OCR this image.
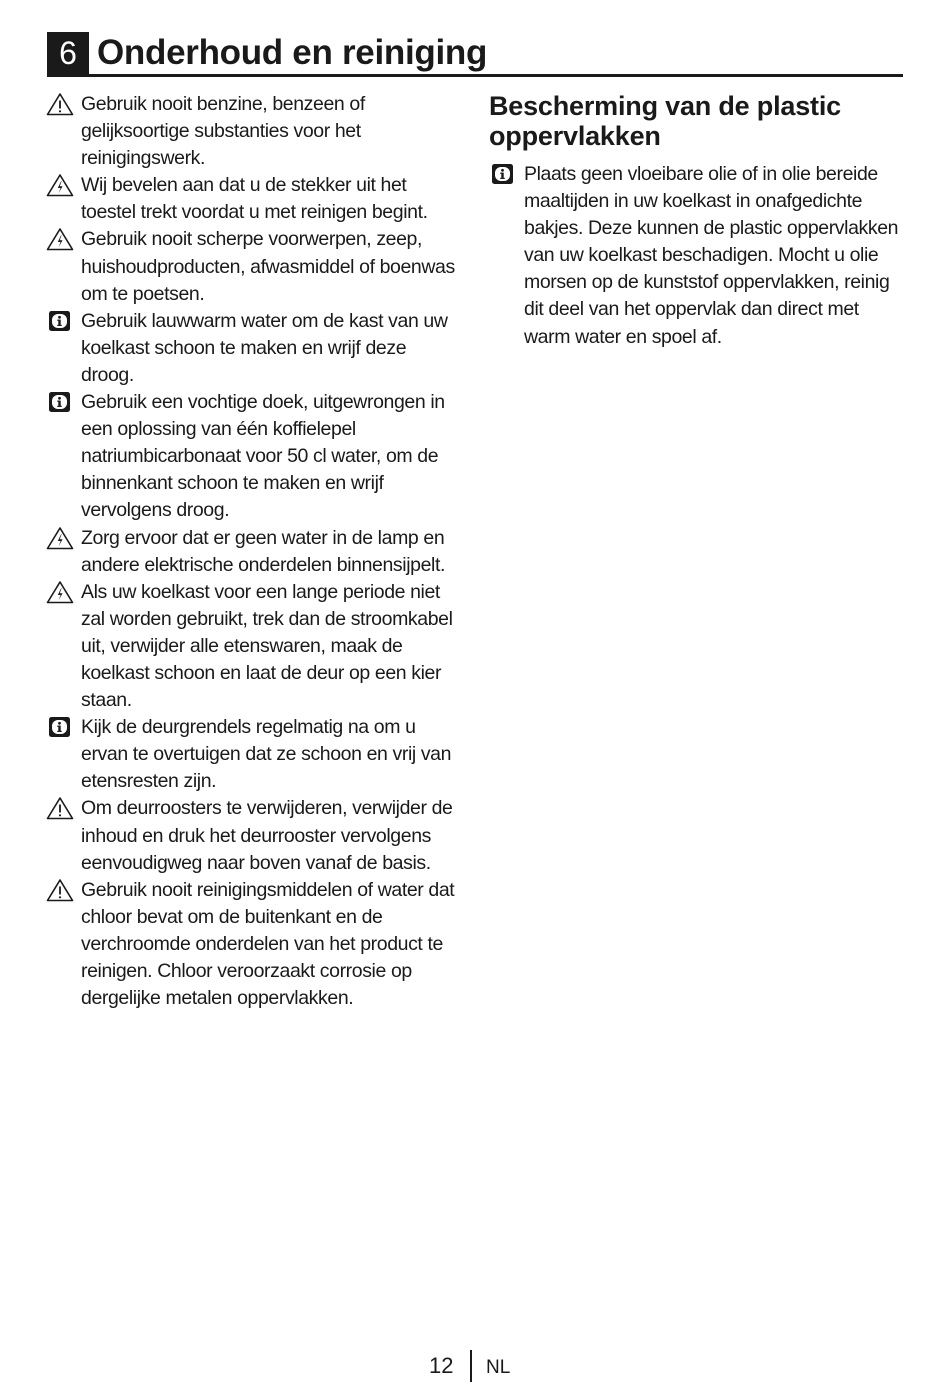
6 Onderhoud en reiniging
Gebruik nooit benzine, benzeen of gelijksoortige substanties voor het reinigingswerk.
Wij bevelen aan dat u de stekker uit het toestel trekt voordat u met reinigen begint.
Gebruik nooit scherpe voorwerpen, zeep, huishoudproducten, afwasmiddel of boenwas om te poetsen.
Gebruik lauwwarm water om de kast van uw koelkast schoon te maken en wrijf deze droog.
Gebruik een vochtige doek, uitgewrongen in een oplossing van één koffielepel natriumbicarbonaat voor 50 cl water, om de binnenkant schoon te maken en wrijf vervolgens droog.
Zorg ervoor dat er geen water in de lamp en andere elektrische onderdelen binnensijpelt.
Als uw koelkast voor een lange periode niet zal worden gebruikt, trek dan de stroomkabel uit, verwijder alle etenswaren, maak de koelkast schoon en laat de deur op een kier staan.
Kijk de deurgrendels regelmatig na om u ervan te overtuigen dat ze schoon en vrij van etensresten zijn.
Om deurroosters te verwijderen, verwijder de inhoud en druk het deurrooster vervolgens eenvoudigweg naar boven vanaf de basis.
Gebruik nooit reinigingsmiddelen of water dat chloor bevat om de buitenkant en de verchroomde onderdelen van het product te reinigen. Chloor veroorzaakt corrosie op dergelijke metalen oppervlakken.
Bescherming van de plastic oppervlakken
Plaats geen vloeibare olie of in olie bereide maaltijden in uw koelkast in onafgedichte bakjes. Deze kunnen de plastic oppervlakken van uw koelkast beschadigen. Mocht u olie morsen op de kunststof oppervlakken, reinig dit deel van het oppervlak dan direct met warm water en spoel af.
12 NL
